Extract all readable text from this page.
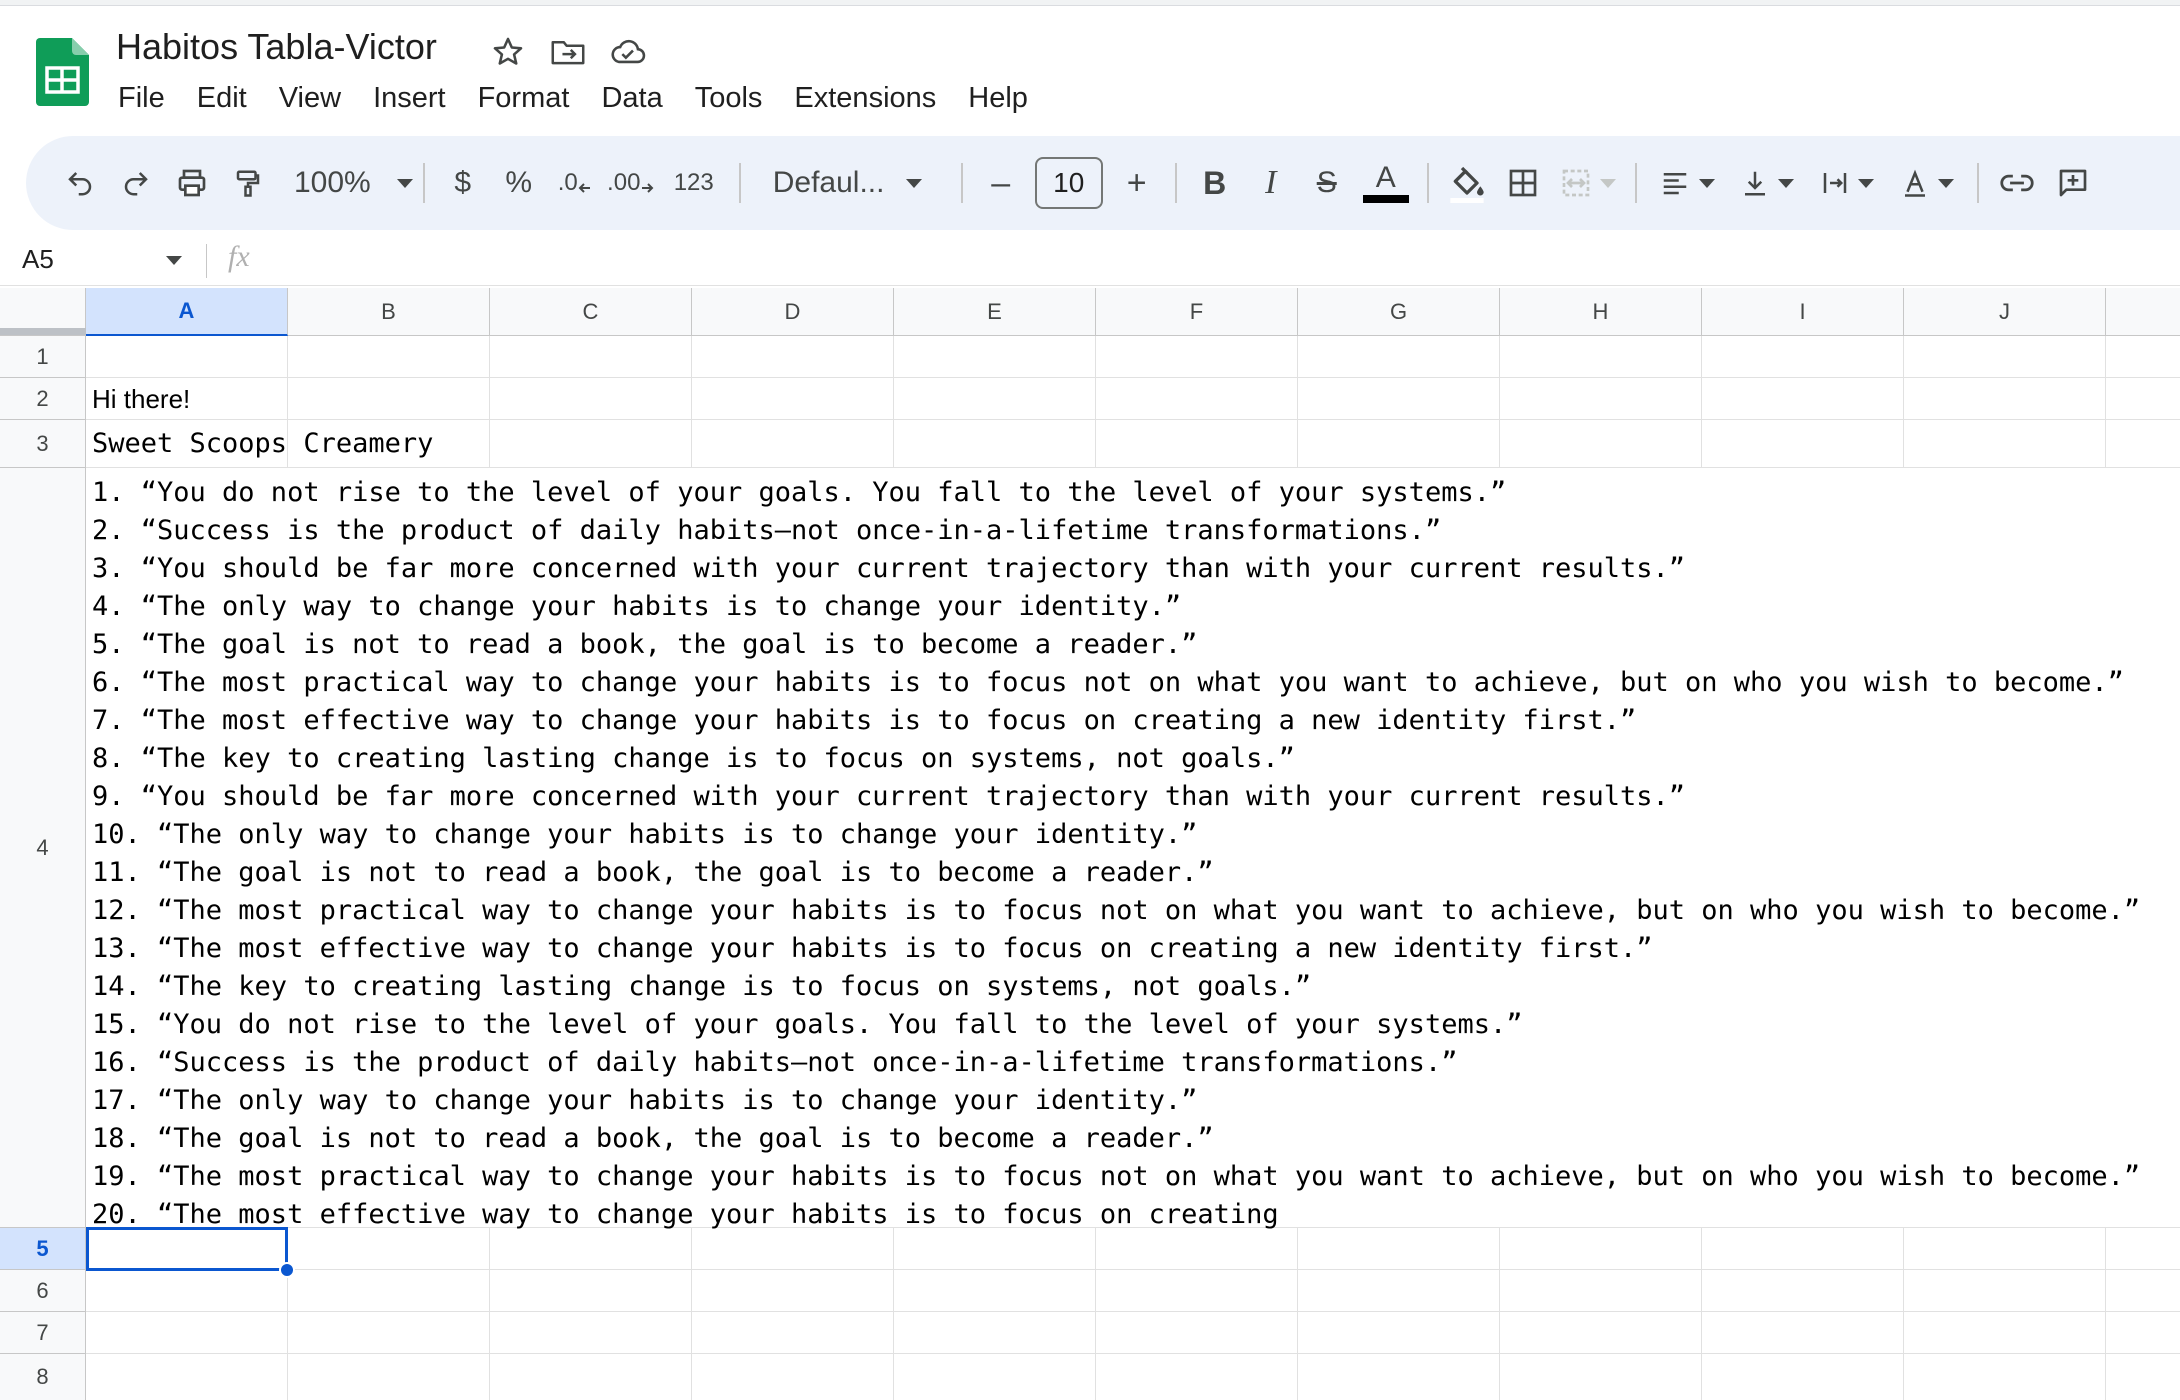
Habitos Tabla-Victor
File	Edit	View	Insert	Format	Data	Tools	Extensions	Help
100%	$ % .0 .00 123 Defaul...	–	10	+ B I S A
A5	fx
A	B	C	D	E	F	G	H	I	J
1
2
3
4
5
6
7
8
Hi there!
Sweet Scoops Creamery
1. “You do not rise to the level of your goals. You fall to the level of your systems.”
2. “Success is the product of daily habits—not once-in-a-lifetime transformations.”
3. “You should be far more concerned with your current trajectory than with your current results.”
4. “The only way to change your habits is to change your identity.”
5. “The goal is not to read a book, the goal is to become a reader.”
6. “The most practical way to change your habits is to focus not on what you want to achieve, but on who you wish to become.”
7. “The most effective way to change your habits is to focus on creating a new identity first.”
8. “The key to creating lasting change is to focus on systems, not goals.”
9. “You should be far more concerned with your current trajectory than with your current results.”
10. “The only way to change your habits is to change your identity.”
11. “The goal is not to read a book, the goal is to become a reader.”
12. “The most practical way to change your habits is to focus not on what you want to achieve, but on who you wish to become.”
13. “The most effective way to change your habits is to focus on creating a new identity first.”
14. “The key to creating lasting change is to focus on systems, not goals.”
15. “You do not rise to the level of your goals. You fall to the level of your systems.”
16. “Success is the product of daily habits—not once-in-a-lifetime transformations.”
17. “The only way to change your habits is to change your identity.”
18. “The goal is not to read a book, the goal is to become a reader.”
19. “The most practical way to change your habits is to focus not on what you want to achieve, but on who you wish to become.”
20. “The most effective way to change your habits is to focus on creating
